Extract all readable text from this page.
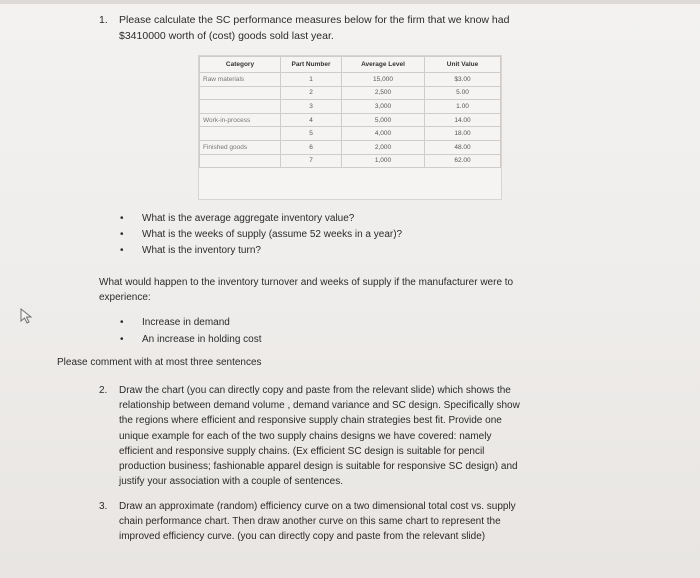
1. Please calculate the SC performance measures below for the firm that we know had
$3410000 worth of (cost) goods sold last year.
Category	Part Number	Average Level	Unit Value
Raw materials	1	15,000	$3.00
	2	2,500	5.00
	3	3,000	1.00
Work-in-process	4	5,000	14.00
	5	4,000	18.00
Finished goods	6	2,000	48.00
	7	1,000	62.00
• What is the average aggregate inventory value?
• What is the weeks of supply (assume 52 weeks in a year)?
• What is the inventory turn?
What would happen to the inventory turnover and weeks of supply if the manufacturer were to
experience:
• Increase in demand
• An increase in holding cost
Please comment with at most three sentences
2. Draw the chart (you can directly copy and paste from the relevant slide) which shows the
relationship between demand volume , demand variance and SC design. Specifically show
the regions where efficient and responsive supply chain strategies best fit. Provide one
unique example for each of the two supply chains designs we have covered: namely
efficient and responsive supply chains. (Ex efficient SC design is suitable for pencil
production business; fashionable apparel design is suitable for responsive SC design) and
justify your association with a couple of sentences.
3. Draw an approximate (random) efficiency curve on a two dimensional total cost vs. supply
chain performance chart. Then draw another curve on this same chart to represent the
improved efficiency curve. (you can directly copy and paste from the relevant slide)
